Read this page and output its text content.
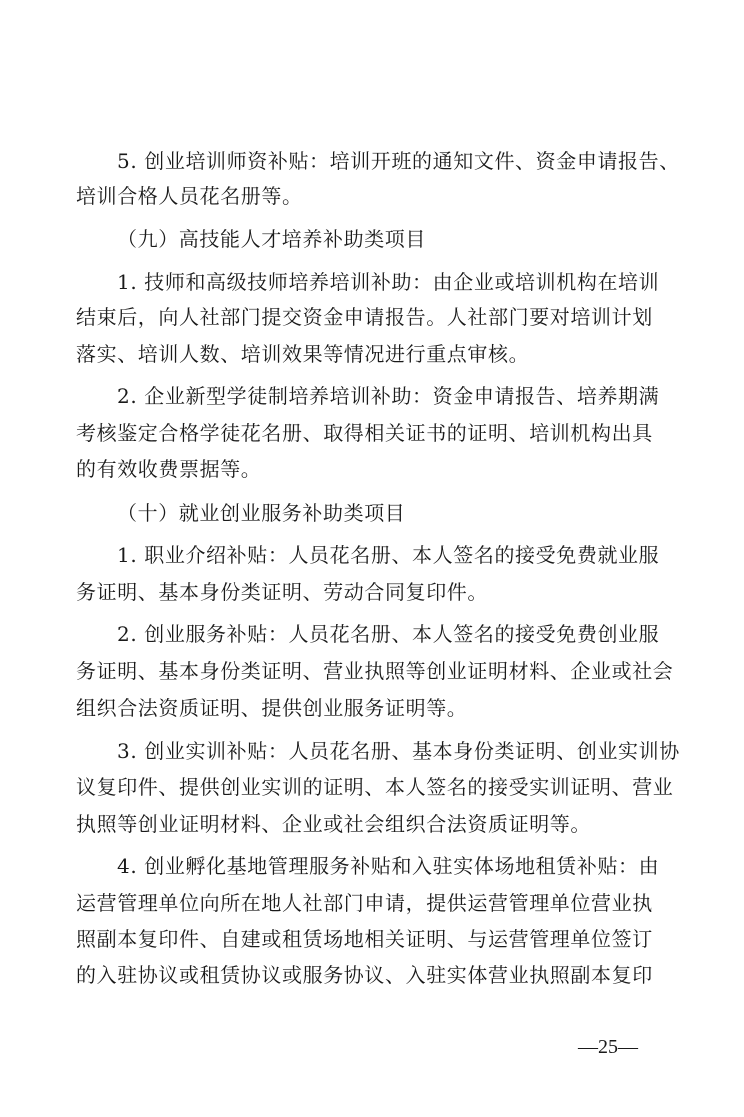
5. 创业培训师资补贴：培训开班的通知文件、资金申请报告、
培训合格人员花名册等。
（九）高技能人才培养补助类项目
1. 技师和高级技师培养培训补助：由企业或培训机构在培训
结束后，向人社部门提交资金申请报告。人社部门要对培训计划
落实、培训人数、培训效果等情况进行重点审核。
2. 企业新型学徒制培养培训补助：资金申请报告、培养期满
考核鉴定合格学徒花名册、取得相关证书的证明、培训机构出具
的有效收费票据等。
（十）就业创业服务补助类项目
1. 职业介绍补贴：人员花名册、本人签名的接受免费就业服
务证明、基本身份类证明、劳动合同复印件。
2. 创业服务补贴：人员花名册、本人签名的接受免费创业服
务证明、基本身份类证明、营业执照等创业证明材料、企业或社会
组织合法资质证明、提供创业服务证明等。
3. 创业实训补贴：人员花名册、基本身份类证明、创业实训协
议复印件、提供创业实训的证明、本人签名的接受实训证明、营业
执照等创业证明材料、企业或社会组织合法资质证明等。
4. 创业孵化基地管理服务补贴和入驻实体场地租赁补贴：由
运营管理单位向所在地人社部门申请，提供运营管理单位营业执
照副本复印件、自建或租赁场地相关证明、与运营管理单位签订
的入驻协议或租赁协议或服务协议、入驻实体营业执照副本复印
—25—
